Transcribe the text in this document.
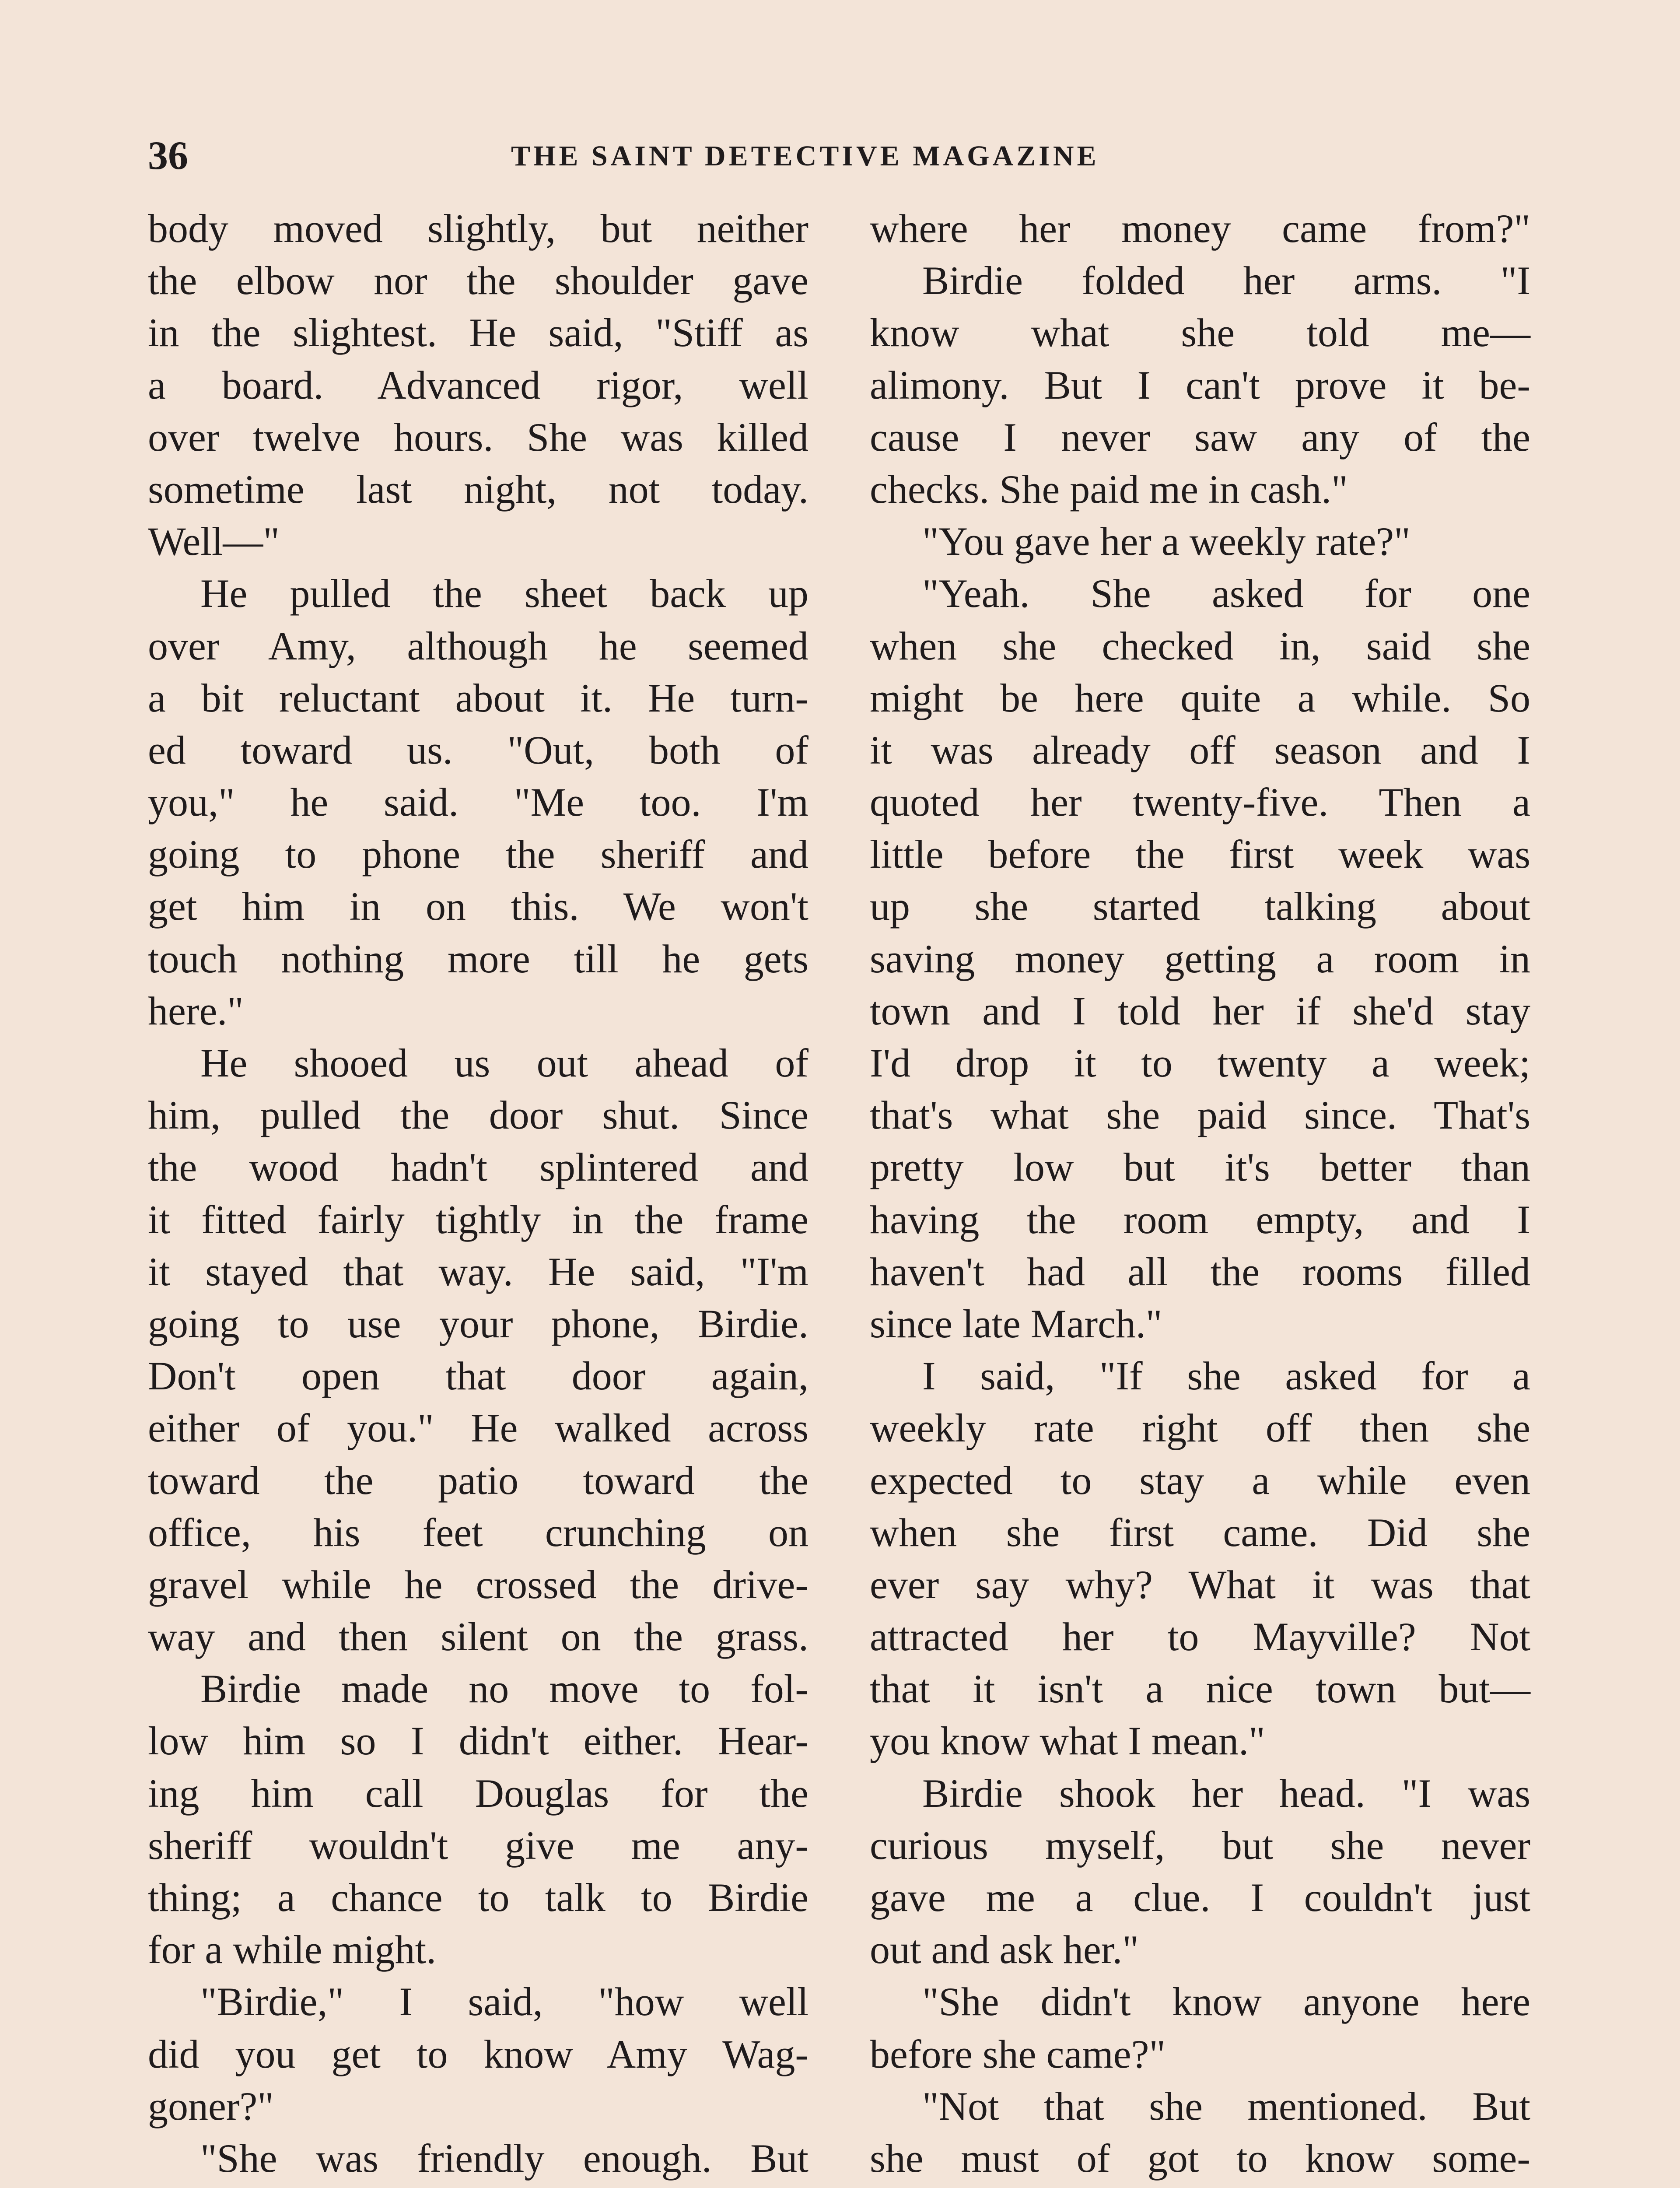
36	THE SAINT DETECTIVE MAGAZINE
body moved slightly, but neither
the elbow nor the shoulder gave
in the slightest. He said, "Stiff as
a board. Advanced rigor, well
over twelve hours. She was killed
sometime last night, not today.
Well—"
He pulled the sheet back up
over Amy, although he seemed
a bit reluctant about it. He turn-
ed toward us. "Out, both of
you," he said. "Me too. I'm
going to phone the sheriff and
get him in on this. We won't
touch nothing more till he gets
here."
He shooed us out ahead of
him, pulled the door shut. Since
the wood hadn't splintered and
it fitted fairly tightly in the frame
it stayed that way. He said, "I'm
going to use your phone, Birdie.
Don't open that door again,
either of you." He walked across
toward the patio toward the
office, his feet crunching on
gravel while he crossed the drive-
way and then silent on the grass.
Birdie made no move to fol-
low him so I didn't either. Hear-
ing him call Douglas for the
sheriff wouldn't give me any-
thing; a chance to talk to Birdie
for a while might.
"Birdie," I said, "how well
did you get to know Amy Wag-
goner?"
"She was friendly enough. But
where her money came from?"
Birdie folded her arms. "I
know what she told me—
alimony. But I can't prove it be-
cause I never saw any of the
checks. She paid me in cash."
"You gave her a weekly rate?"
"Yeah. She asked for one
when she checked in, said she
might be here quite a while. So
it was already off season and I
quoted her twenty-five. Then a
little before the first week was
up she started talking about
saving money getting a room in
town and I told her if she'd stay
I'd drop it to twenty a week;
that's what she paid since. That's
pretty low but it's better than
having the room empty, and I
haven't had all the rooms filled
since late March."
I said, "If she asked for a
weekly rate right off then she
expected to stay a while even
when she first came. Did she
ever say why? What it was that
attracted her to Mayville? Not
that it isn't a nice town but—
you know what I mean."
Birdie shook her head. "I was
curious myself, but she never
gave me a clue. I couldn't just
out and ask her."
"She didn't know anyone here
before she came?"
"Not that she mentioned. But
she must of got to know some-
